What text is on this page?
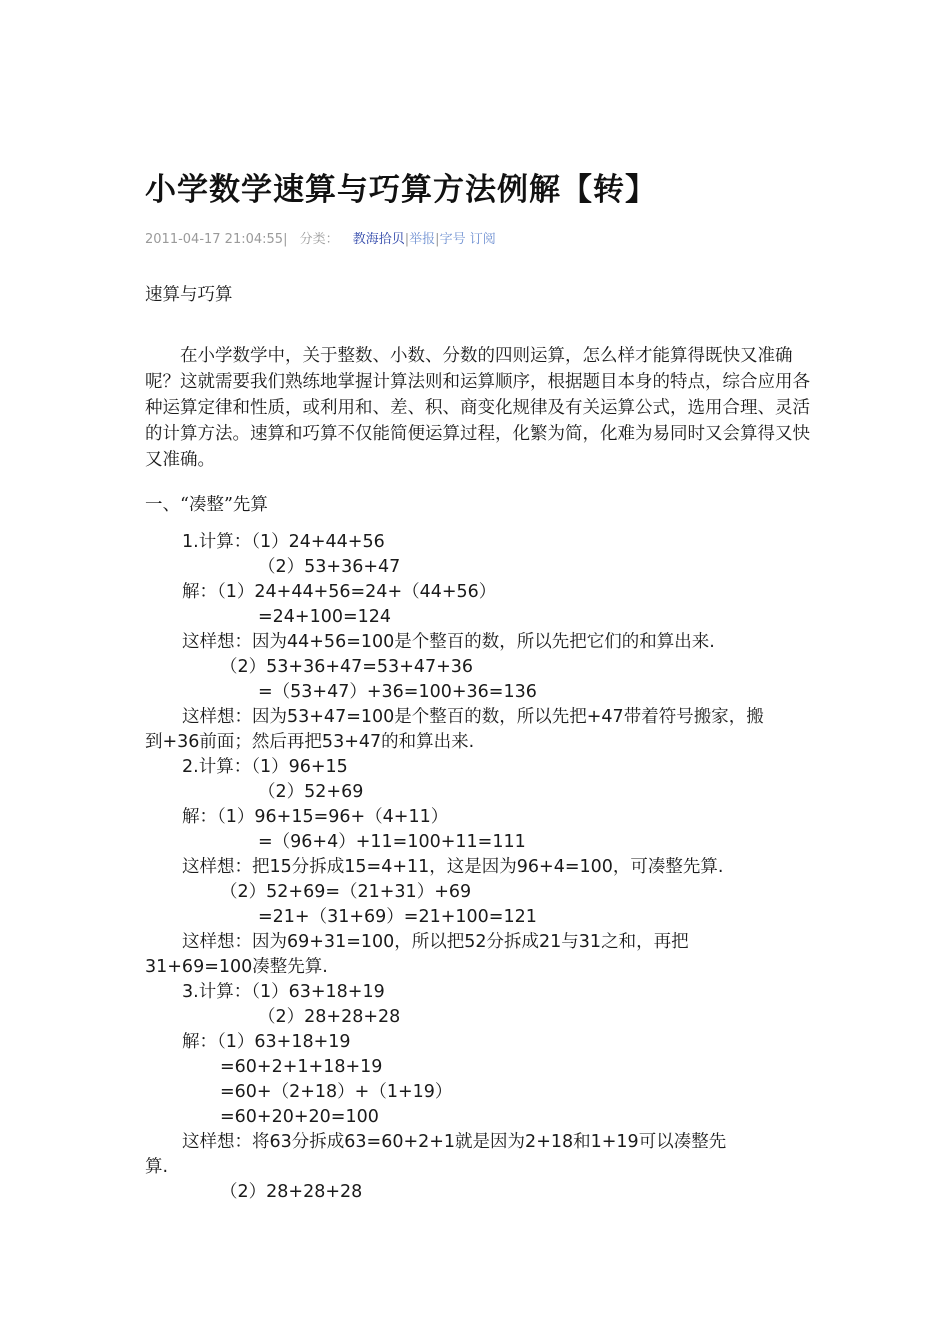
小学数学速算与巧算方法例解【转】
2011-04-17 21:04:55| 分类： 教海拾贝|举报|字号 订阅
速算与巧算
　　在小学数学中，关于整数、小数、分数的四则运算，怎么样才能算得既快又准确呢？这就需要我们熟练地掌握计算法则和运算顺序，根据题目本身的特点，综合应用各种运算定律和性质，或利用和、差、积、商变化规律及有关运算公式，选用合理、灵活的计算方法。速算和巧算不仅能简便运算过程，化繁为简，化难为易同时又会算得又快又准确。
一、“凑整”先算
1.计算：（1）24+44+56
（2）53+36+47
解：（1）24+44+56=24+（44+56）
=24+100=124
这样想：因为44+56=100是个整百的数，所以先把它们的和算出来.
（2）53+36+47=53+47+36
=（53+47）+36=100+36=136
这样想：因为53+47=100是个整百的数，所以先把+47带着符号搬家，搬
到+36前面；然后再把53+47的和算出来.
2.计算：（1）96+15
（2）52+69
解：（1）96+15=96+（4+11）
=（96+4）+11=100+11=111
这样想：把15分拆成15=4+11，这是因为96+4=100，可凑整先算.
（2）52+69=（21+31）+69
=21+（31+69）=21+100=121
这样想：因为69+31=100，所以把52分拆成21与31之和，再把
31+69=100凑整先算.
3.计算：（1）63+18+19
（2）28+28+28
解：（1）63+18+19
=60+2+1+18+19
=60+（2+18）+（1+19）
=60+20+20=100
这样想：将63分拆成63=60+2+1就是因为2+18和1+19可以凑整先
算.
（2）28+28+28
